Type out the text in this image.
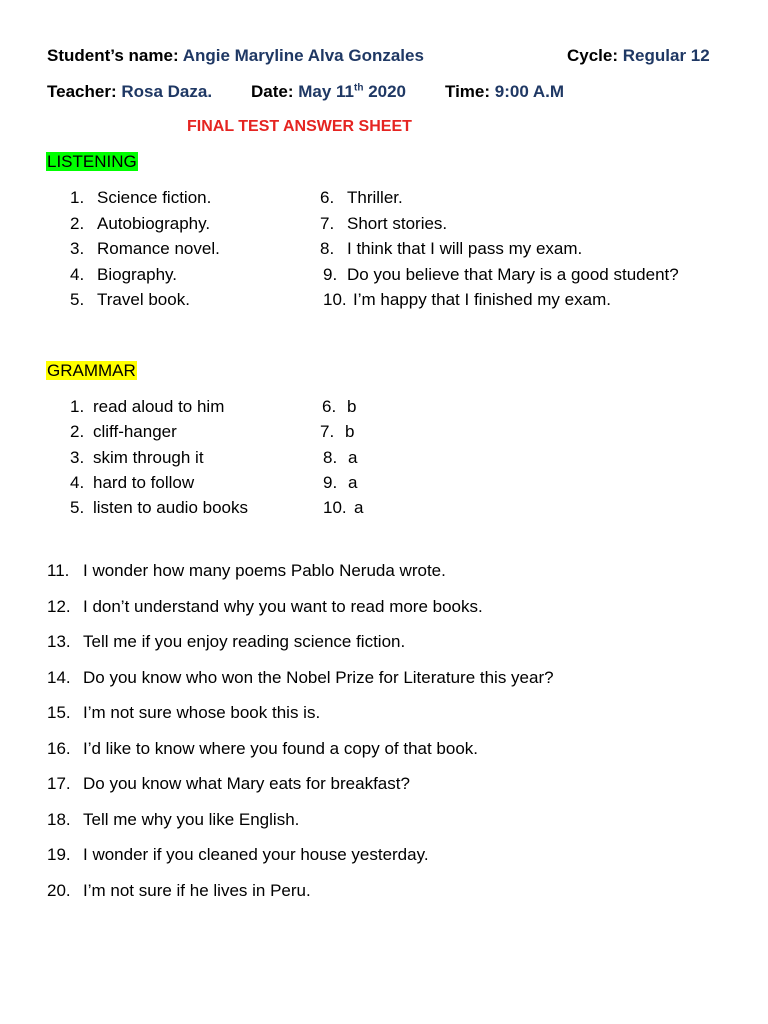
Student’s name: Angie Maryline Alva Gonzales	Cycle: Regular 12
Teacher: Rosa Daza. Date: May 11th 2020 Time: 9:00 A.M
FINAL TEST ANSWER SHEET
LISTENING
1. Science fiction.
2. Autobiography.
3. Romance novel.
4. Biography.
5. Travel book.
6. Thriller.
7. Short stories.
8. I think that I will pass my exam.
9. Do you believe that Mary is a good student?
10. I’m happy that I finished my exam.
GRAMMAR
1. read aloud to him
2. cliff-hanger
3. skim through it
4. hard to follow
5. listen to audio books
6. b
7. b
8. a
9. a
10. a
11. I wonder how many poems Pablo Neruda wrote.
12. I don’t understand why you want to read more books.
13. Tell me if you enjoy reading science fiction.
14. Do you know who won the Nobel Prize for Literature this year?
15. I’m not sure whose book this is.
16. I’d like to know where you found a copy of that book.
17. Do you know what Mary eats for breakfast?
18. Tell me why you like English.
19. I wonder if you cleaned your house yesterday.
20. I’m not sure if he lives in Peru.
